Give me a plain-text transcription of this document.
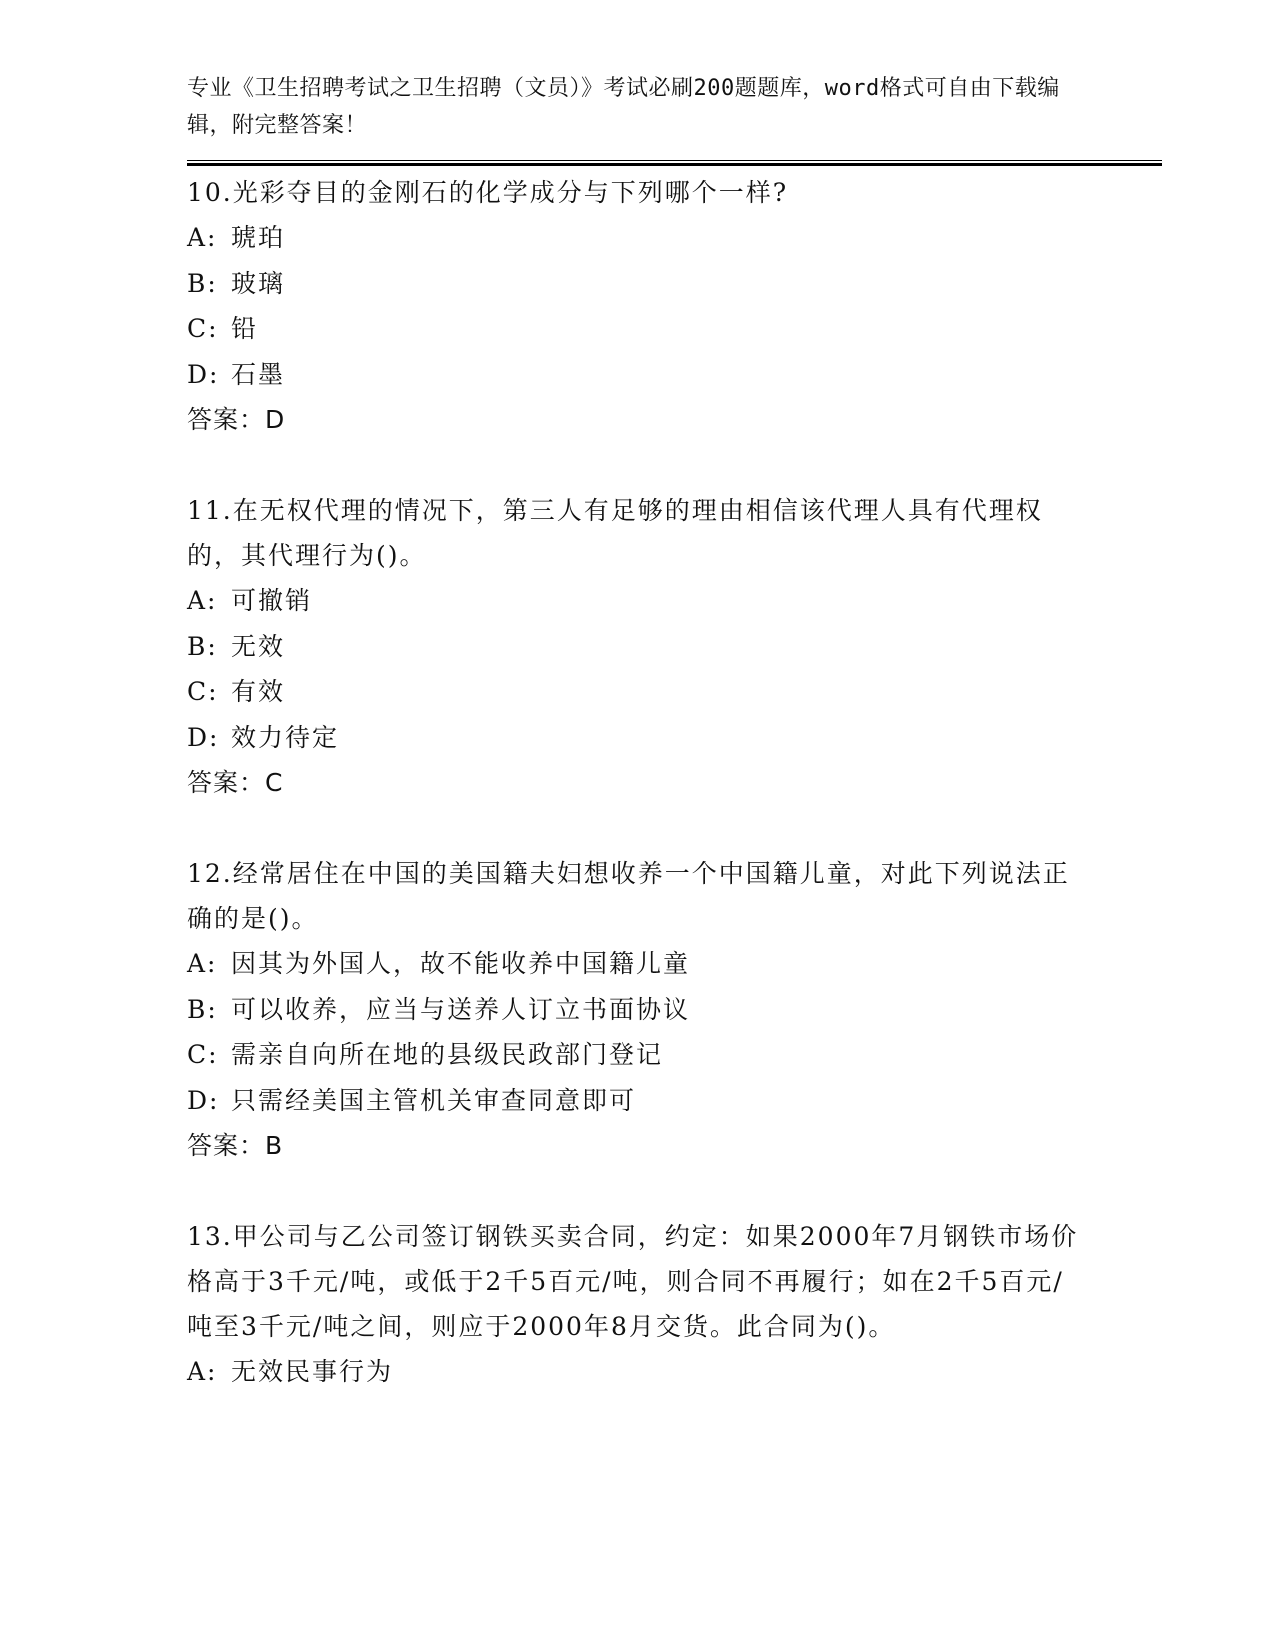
专业《卫生招聘考试之卫生招聘（文员）》考试必刷200题题库，word格式可自由下载编辑，附完整答案！
10.光彩夺目的金刚石的化学成分与下列哪个一样?
A: 琥珀
B: 玻璃
C: 铅
D: 石墨
答案：D
11.在无权代理的情况下，第三人有足够的理由相信该代理人具有代理权的，其代理行为()。
A: 可撤销
B: 无效
C: 有效
D: 效力待定
答案：C
12.经常居住在中国的美国籍夫妇想收养一个中国籍儿童，对此下列说法正确的是()。
A: 因其为外国人，故不能收养中国籍儿童
B: 可以收养，应当与送养人订立书面协议
C: 需亲自向所在地的县级民政部门登记
D: 只需经美国主管机关审查同意即可
答案：B
13.甲公司与乙公司签订钢铁买卖合同，约定：如果2000年7月钢铁市场价格高于3千元/吨，或低于2千5百元/吨，则合同不再履行；如在2千5百元/吨至3千元/吨之间，则应于2000年8月交货。此合同为()。
A: 无效民事行为
